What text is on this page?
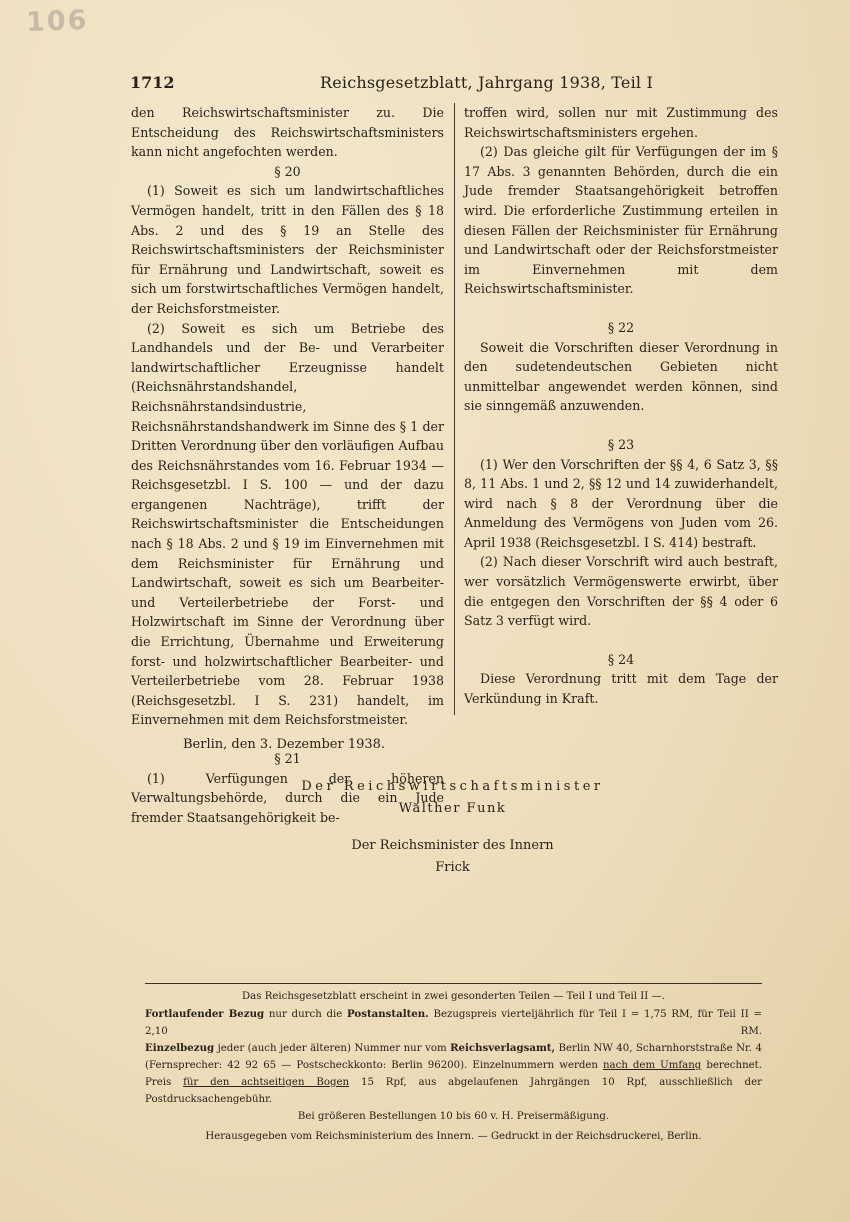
106
1712	Reichsgesetzblatt, Jahrgang 1938, Teil I

den Reichswirtschaftsminister zu. Die Entscheidung des Reichswirtschaftsministers kann nicht angefochten werden.

§ 20

(1) Soweit es sich um landwirtschaftliches Vermögen handelt, tritt in den Fällen des § 18 Abs. 2 und des § 19 an Stelle des Reichswirtschaftsministers der Reichsminister für Ernährung und Landwirtschaft, soweit es sich um forstwirtschaftliches Vermögen handelt, der Reichsforstmeister.

(2) Soweit es sich um Betriebe des Landhandels und der Be- und Verarbeiter landwirtschaftlicher Erzeugnisse handelt (Reichsnährstandshandel, Reichsnährstandsindustrie, Reichsnährstandshandwerk im Sinne des § 1 der Dritten Verordnung über den vorläufigen Aufbau des Reichsnährstandes vom 16. Februar 1934 — Reichsgesetzbl. I S. 100 — und der dazu ergangenen Nachträge), trifft der Reichswirtschaftsminister die Entscheidungen nach § 18 Abs. 2 und § 19 im Einvernehmen mit dem Reichsminister für Ernährung und Landwirtschaft, soweit es sich um Bearbeiter- und Verteilerbetriebe der Forst- und Holzwirtschaft im Sinne der Verordnung über die Errichtung, Übernahme und Erweiterung forst- und holzwirtschaftlicher Bearbeiter- und Verteilerbetriebe vom 28. Februar 1938 (Reichsgesetzbl. I S. 231) handelt, im Einvernehmen mit dem Reichsforstmeister.

§ 21

(1) Verfügungen der höheren Verwaltungsbehörde, durch die ein Jude fremder Staatsangehörigkeit be-

troffen wird, sollen nur mit Zustimmung des Reichswirtschaftsministers ergehen.

(2) Das gleiche gilt für Verfügungen der im § 17 Abs. 3 genannten Behörden, durch die ein Jude fremder Staatsangehörigkeit betroffen wird. Die erforderliche Zustimmung erteilen in diesen Fällen der Reichsminister für Ernährung und Landwirtschaft oder der Reichsforstmeister im Einvernehmen mit dem Reichswirtschaftsminister.

§ 22

Soweit die Vorschriften dieser Verordnung in den sudetendeutschen Gebieten nicht unmittelbar angewendet werden können, sind sie sinngemäß anzuwenden.

§ 23

(1) Wer den Vorschriften der §§ 4, 6 Satz 3, §§ 8, 11 Abs. 1 und 2, §§ 12 und 14 zuwiderhandelt, wird nach § 8 der Verordnung über die Anmeldung des Vermögens von Juden vom 26. April 1938 (Reichsgesetzbl. I S. 414) bestraft.

(2) Nach dieser Vorschrift wird auch bestraft, wer vorsätzlich Vermögenswerte erwirbt, über die entgegen den Vorschriften der §§ 4 oder 6 Satz 3 verfügt wird.

§ 24

Diese Verordnung tritt mit dem Tage der Verkündung in Kraft.

Berlin, den 3. Dezember 1938.
Der Reichswirtschaftsminister
Walther Funk
Der Reichsminister des Innern
Frick

Das Reichsgesetzblatt erscheint in zwei gesonderten Teilen — Teil I und Teil II —.

Fortlaufender Bezug nur durch die Postanstalten. Bezugspreis vierteljährlich für Teil I = 1,75 RM, für Teil II = 2,10 RM.

Einzelbezug jeder (auch jeder älteren) Nummer nur vom Reichsverlagsamt, Berlin NW 40, Scharnhorststraße Nr. 4

(Fernsprecher: 42 92 65 — Postscheckkonto: Berlin 96200). Einzelnummern werden nach dem Umfang berechnet.

Preis für den achtseitigen Bogen 15 Rpf, aus abgelaufenen Jahrgängen 10 Rpf, ausschließlich der Postdrucksachengebühr.

Bei größeren Bestellungen 10 bis 60 v. H. Preisermäßigung.

Herausgegeben vom Reichsministerium des Innern. — Gedruckt in der Reichsdruckerei, Berlin.
